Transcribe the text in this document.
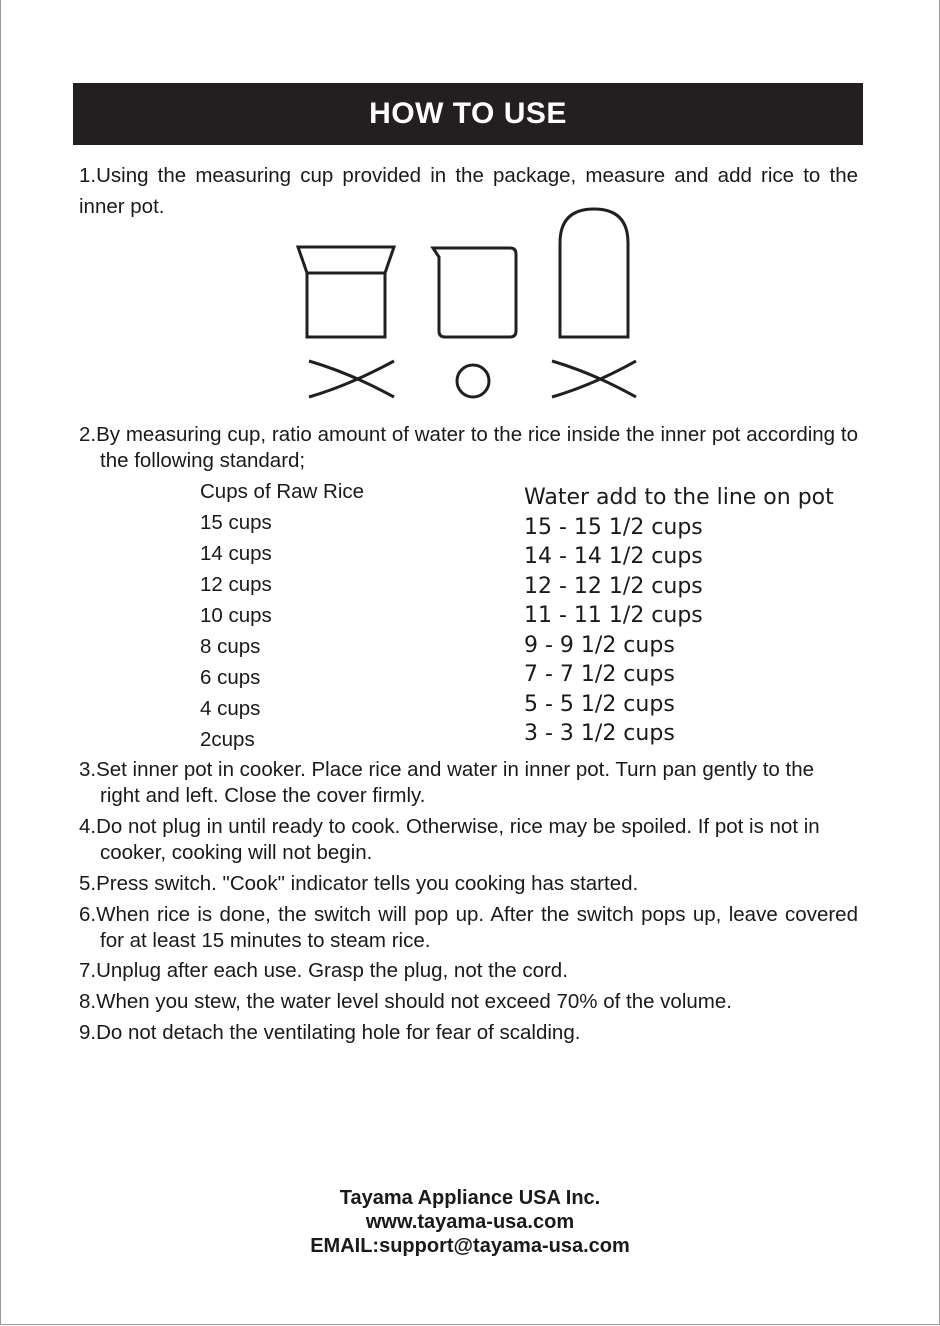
HOW TO USE
1.Using the measuring cup provided in the package, measure and add rice to the inner pot.
2.By measuring cup, ratio amount of water to the rice inside the inner pot according to the following standard;
Cups of Raw Rice
15 cups
14 cups
12 cups
10 cups
8 cups
6 cups
4 cups
2cups
Water add to the line on pot
15 - 15 1/2 cups
14 - 14 1/2 cups
12 - 12 1/2 cups
11 - 11 1/2 cups
9 - 9 1/2 cups
7 - 7 1/2 cups
5 - 5 1/2 cups
3 - 3 1/2 cups
3.Set inner pot in cooker. Place rice and water in inner pot. Turn pan gently to the right and left. Close the cover firmly.
4.Do not plug in until ready to cook. Otherwise, rice may be spoiled. If pot is not in cooker, cooking will not begin.
5.Press switch. "Cook" indicator tells you cooking has started.
6.When rice is done, the switch will pop up. After the switch pops up, leave covered for at least 15 minutes to steam rice.
7.Unplug after each use. Grasp the plug, not the cord.
8.When you stew, the water level should not exceed 70% of the volume.
9.Do not detach the ventilating hole for fear of scalding.
Tayama Appliance USA Inc.
www.tayama-usa.com
EMAIL:support@tayama-usa.com
